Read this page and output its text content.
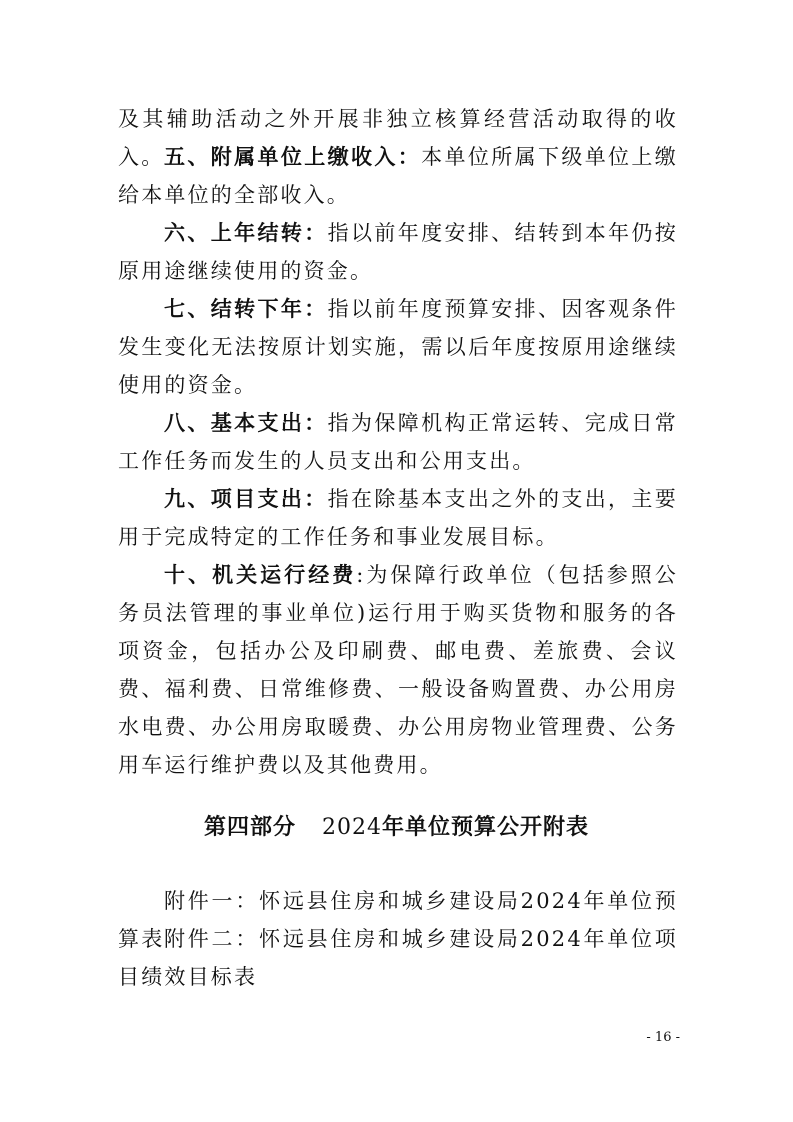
及其辅助活动之外开展非独立核算经营活动取得的收入。 五、附属单位上缴收入：本单位所属下级单位上缴给本单位的全部收入。

六、上年结转：指以前年度安排、结转到本年仍按原用途继续使用的资金。

七、结转下年：指以前年度预算安排、因客观条件发生变化无法按原计划实施，需以后年度按原用途继续使用的资金。

八、基本支出：指为保障机构正常运转、完成日常工作任务而发生的人员支出和公用支出。

九、项目支出：指在除基本支出之外的支出，主要用于完成特定的工作任务和事业发展目标。

十、机关运行经费:为保障行政单位（包括参照公务员法管理的事业单位)运行用于购买货物和服务的各项资金，包括办公及印刷费、邮电费、差旅费、会议费、福利费、日常维修费、一般设备购置费、办公用房水电费、办公用房取暖费、办公用房物业管理费、公务用车运行维护费以及其他费用。

第四部分 2024年单位预算公开附表

附件一：怀远县住房和城乡建设局2024年单位预算表 附件二：怀远县住房和城乡建设局2024年单位项目绩效目标表

- 16 -
